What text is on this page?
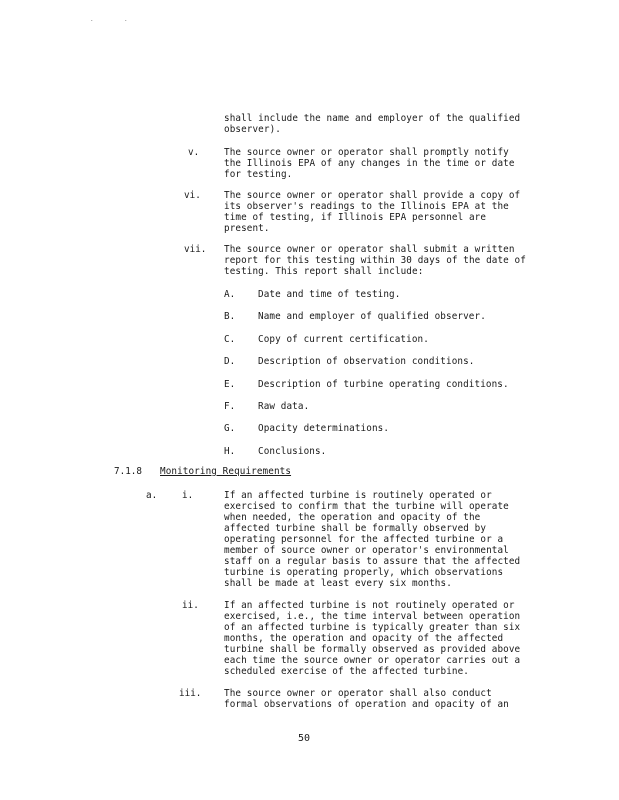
.	.
shall include the name and employer of the qualified
observer).
v.	The source owner or operator shall promptly notify
the Illinois EPA of any changes in the time or date
for testing.
vi. The source owner or operator shall provide a copy of
its observer's readings to the Illinois EPA at the
time of testing, if Illinois EPA personnel are
present.
vii. The source owner or operator shall submit a written
report for this testing within 30 days of the date of
testing. This report shall include:
A. Date and time of testing.
B. Name and employer of qualified observer.
C. Copy of current certification.
D. Description of observation conditions.
E. Description of turbine operating conditions.
F. Raw data.
G. Opacity determinations.
H. Conclusions.
7.1.8 Monitoring Requirements
a.	i.	If an affected turbine is routinely operated or
exercised to confirm that the turbine will operate
when needed, the operation and opacity of the
affected turbine shall be formally observed by
operating personnel for the affected turbine or a
member of source owner or operator's environmental
staff on a regular basis to assure that the affected
turbine is operating properly, which observations
shall be made at least every six months.
ii.	If an affected turbine is not routinely operated or
exercised, i.e., the time interval between operation
of an affected turbine is typically greater than six
months, the operation and opacity of the affected
turbine shall be formally observed as provided above
each time the source owner or operator carries out a
scheduled exercise of the affected turbine.
iii. The source owner or operator shall also conduct
formal observations of operation and opacity of an
50
